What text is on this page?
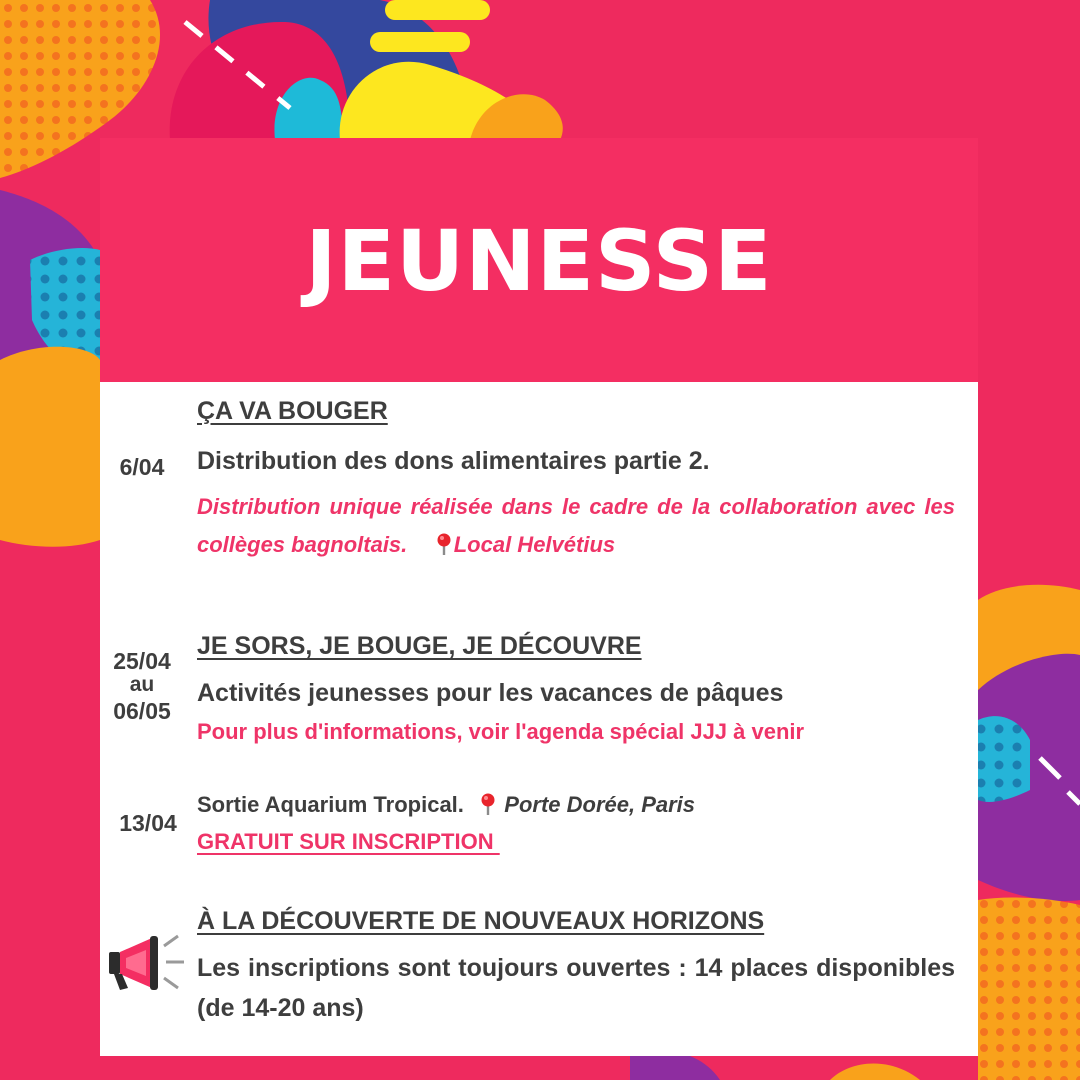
JEUNESSE

ÇA VA BOUGER

6/04	Distribution des dons alimentaires partie 2.

Distribution unique réalisée dans le cadre de la collaboration avec les collèges bagnoltais. Local Helvétius

25/04

au

06/05

JE SORS, JE BOUGE, JE DÉCOUVRE

Activités jeunesses pour les vacances de pâques

Pour plus d'informations, voir l'agenda spécial JJJ à venir

13/04

Sortie Aquarium Tropical. Porte Dorée, Paris

GRATUIT SUR INSCRIPTION

À LA DÉCOUVERTE DE NOUVEAUX HORIZONS

Les inscriptions sont toujours ouvertes : 14 places disponibles (de 14-20 ans)
